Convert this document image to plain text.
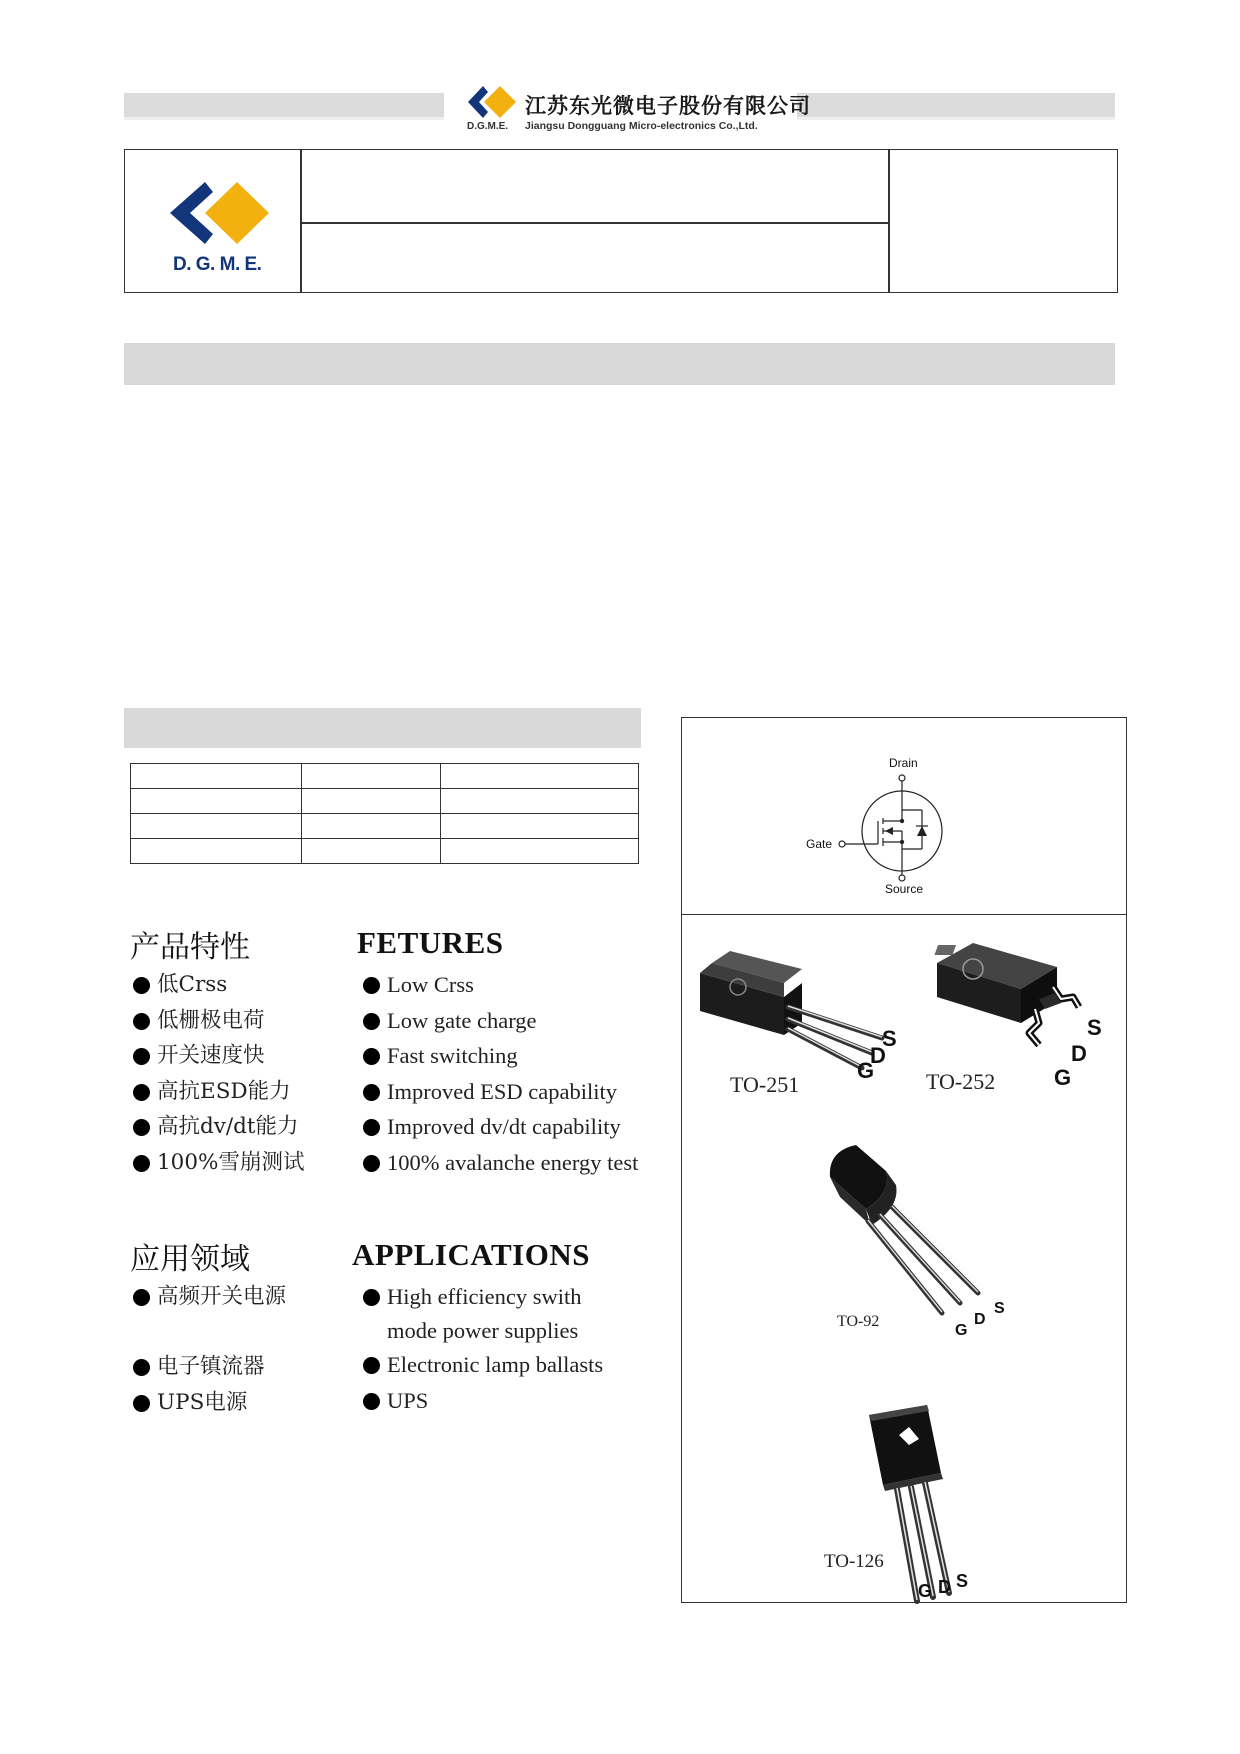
江苏东光微电子股份有限公司
D.G.M.E. Jiangsu Dongguang Micro-electronics Co.,Ltd.
D. G. M. E.

产品特性	FETURES
低Crss
低栅极电荷
开关速度快
高抗ESD能力
高抗dv/dt能力
100%雪崩测试
Low Crss
Low gate charge
Fast switching
Improved ESD capability
Improved dv/dt capability
100% avalanche energy test
应用领域	APPLICATIONS
高频开关电源
电子镇流器
UPS电源
High efficiency swith
mode power supplies
Electronic lamp ballasts
UPS
Drain
Gate
Source
S
D
G
TO-251
S
D
G
TO-252
G
D
S
TO-92
G D S
TO-126
